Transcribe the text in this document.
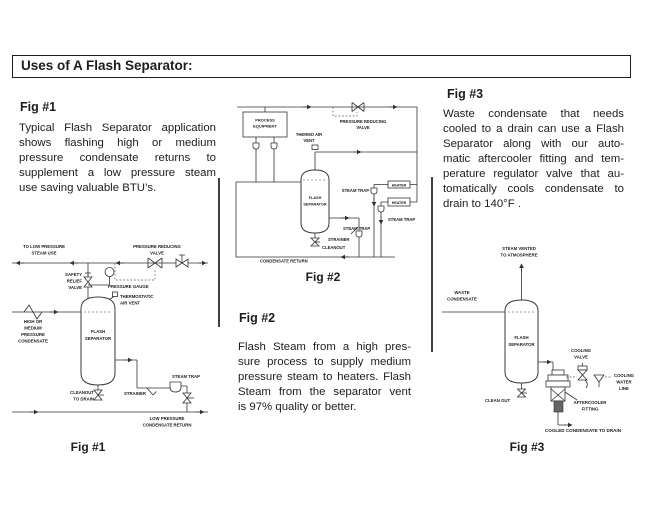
Uses of A Flash Separator:
Fig #1
Typical Flash Separator application
shows flashing high or medium
pressure condensate returns to
supplement a low pressure steam
use saving valuable BTU’s.
Fig #3
Waste condensate that needs
cooled to a drain can use a Flash
Separator along with our auto-
matic aftercooler fitting and tem-
perature regulator valve that au-
tomatically cools condensate to
drain to 140°F .
Fig #2
Flash Steam from a high pres-
sure process to supply medium
pressure steam to heaters. Flash
Steam from the separator vent
is 97% quality or better.
TO LOW PRESSURE STEAM USE
PRESSURE REDUCING VALVE
SAFETY RELIEF VALVE	PRESSURE GAUGE
THERMOSTATIC AIR VENT
HIGH OR MEDIUM PRESSURE CONDENSATE
FLASH SEPARATOR
CLEANOUT TO DRAIN
STRAINER
STEAM TRAP
LOW PRESSURE CONDENSATE RETURN
Fig #1
PROCESS EQUIPMENT
PRESSURE REDUCING VALVE
THERMO AIR VENT
FLASH SEPARATOR
HEATER
HEATER
STEAM TRAP
STEAM TRAP
STEAM TRAP
STRAINER
CLEANOUT
CONDENSATE RETURN
Fig #2
STEAM VENTED TO ATMOSPHERE
WASTE CONDENSATE
FLASH SEPARATOR
COOLING VALVE
COOLING WATER LINE
AFTERCOOLER FITTING
CLEAN OUT
COOLED CONDENSATE TO DRAIN
Fig #3
